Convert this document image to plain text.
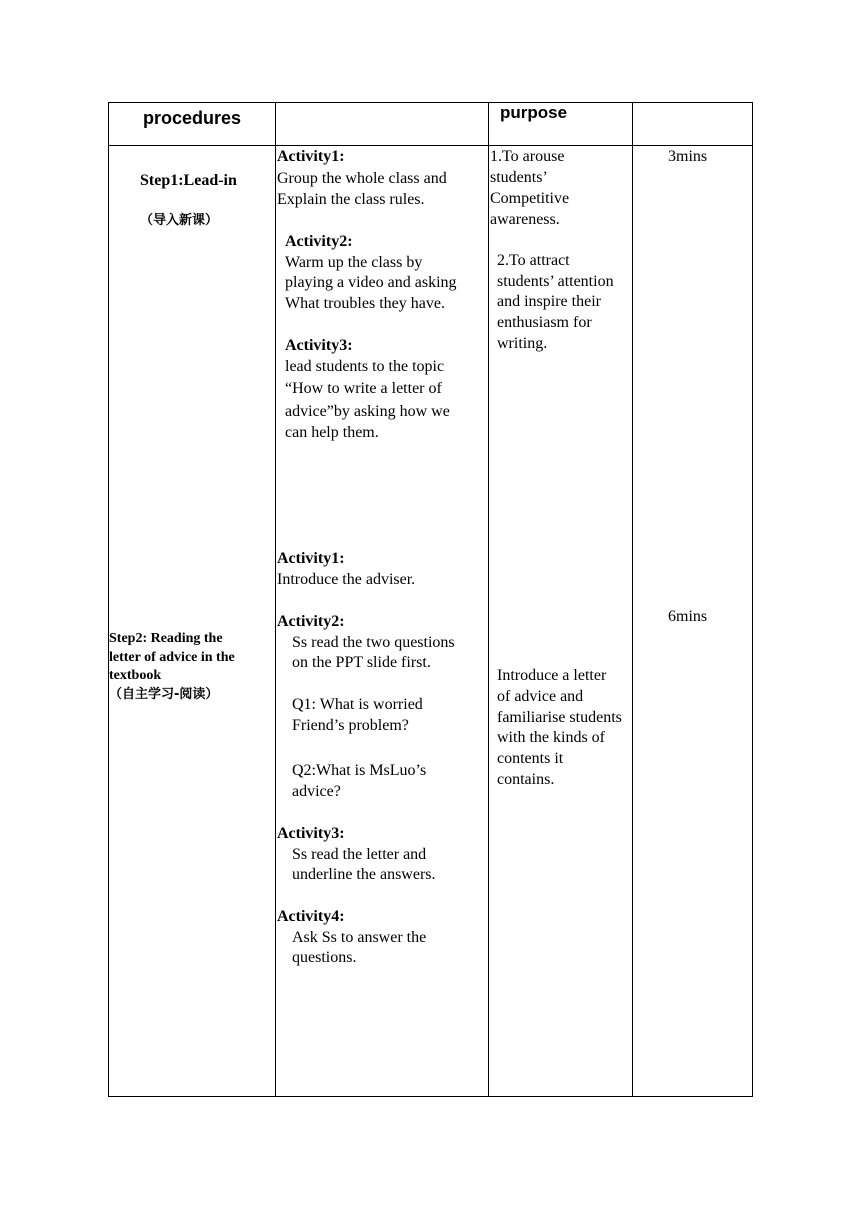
procedures	purpose
Step1:Lead-in
（导入新课）
Activity1:
Group the whole class and
Explain the class rules.
Activity2:
Warm up the class by
playing a video and asking
What troubles they have.
Activity3:
lead students to the topic
“How to write a letter of
advice”by asking how we
can help them.
1.To arouse
students’
Competitive
awareness.
2.To attract
students’ attention
and inspire their
enthusiasm for
writing.
3mins
Step2: Reading the
letter of advice in the
textbook
（自主学习-阅读）
Activity1:
Introduce the adviser.
Activity2:
Ss read the two questions
on the PPT slide first.
Q1: What is worried
Friend’s problem?
Q2:What is MsLuo’s
advice?
Activity3:
Ss read the letter and
underline the answers.
Activity4:
Ask Ss to answer the
questions.
Introduce a letter
of advice and
familiarise students
with the kinds of
contents it
contains.
6mins
